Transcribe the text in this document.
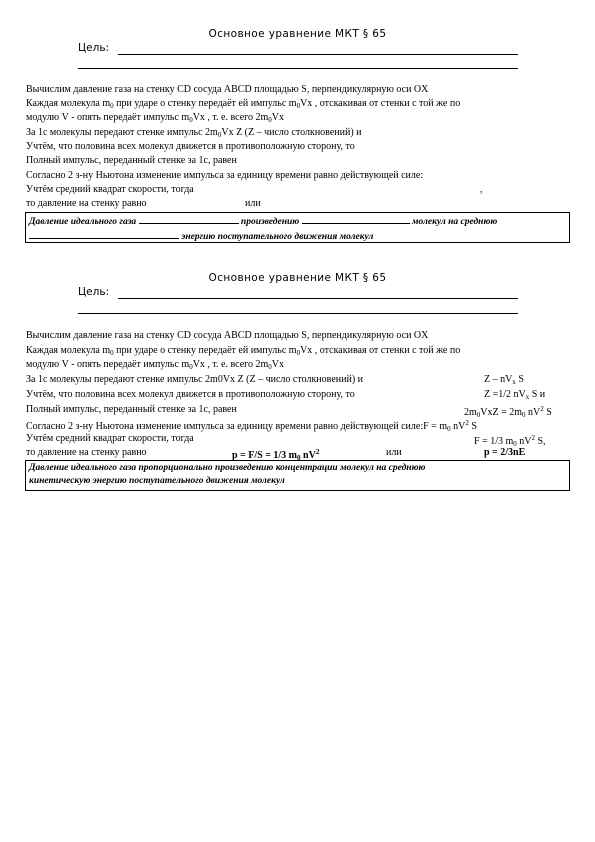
Основное уравнение МКТ § 65
Цель:
Вычислим давление газа на стенку CD сосуда ABCD площадью S, перпендикулярную оси OX
Каждая молекула $m_0$ при ударе о стенку передаёт ей импульс $m_0Vx$ , отскакивая от стенки с той же по
модулю V - опять передаёт импульс $m_0Vx$ , т. е. всего $2m_0Vx$
За 1с молекулы передают стенке импульс $2m_0Vx$ Z (Z – число столкновений) и
Учтём, что половина всех молекул движется в противоположную сторону, то
Полный импульс, переданный стенке за 1с, равен
Согласно 2 з-ну Ньютона изменение импульса за единицу времени равно действующей силе:
Учтём средний квадрат скорости, тогда	,
то давление на стенку равно	или
Давление идеального газа	произведению	молекул на среднюю
энергию поступательного движения молекул
Основное уравнение МКТ § 65
Цель:
Вычислим давление газа на стенку CD сосуда ABCD площадью S, перпендикулярную оси OX
Каждая молекула $m_0$ при ударе о стенку передаёт ей импульс $m_0Vx$ , отскакивая от стенки с той же по
модулю V - опять передаёт импульс $m_0Vx$ , т. е. всего $2m_0Vx$
За 1с молекулы передают стенке импульс 2m0Vx Z (Z – число столкновений) и	Z – $nV_x$ S
Учтём, что половина всех молекул движется в противоположную сторону, то	Z =1/2 $nV_x$ S и
Полный импульс, переданный стенке за 1с, равен	$2m_0VxZ = 2m_0$ $nV^2$ S
Согласно 2 з-ну Ньютона изменение импульса за единицу времени равно действующей силе:F = $m_0$ $nV^2$ S
Учтём средний квадрат скорости, тогда	F = 1/3 $m_0$ $nV^2$ S,
то давление на стенку равно	p = F/S = 1/3 $m_0$ $nV^2$	или	p = 2/3nE
Давление идеального газа пропорционально произведению концентрации молекул на среднюю
кинетическую энергию поступательного движения молекул
